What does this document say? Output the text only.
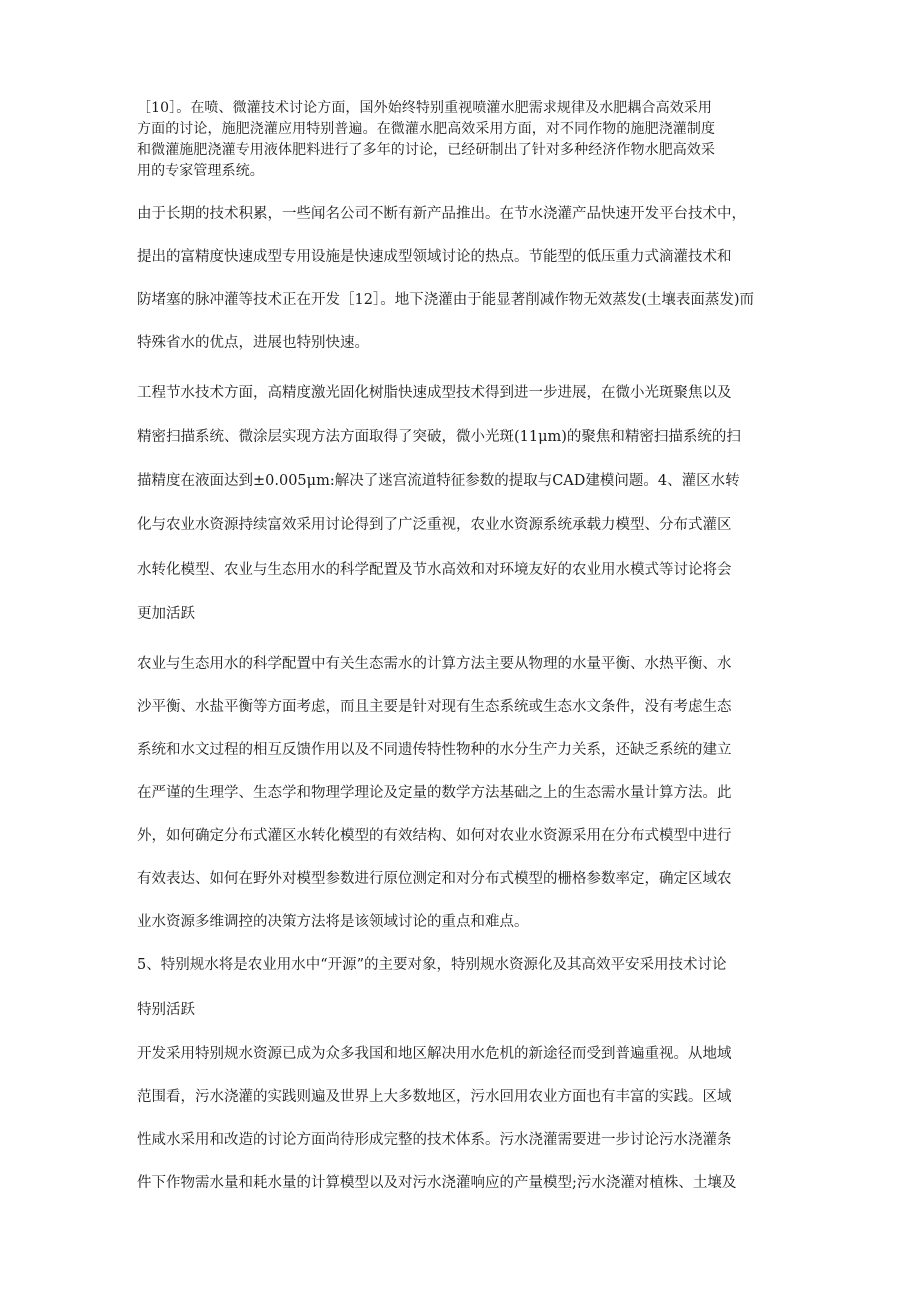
［10］。在喷、微灌技术讨论方面，国外始终特别重视喷灌水肥需求规律及水肥耦合高效采用
方面的讨论，施肥浇灌应用特别普遍。在微灌水肥高效采用方面，对不同作物的施肥浇灌制度
和微灌施肥浇灌专用液体肥料进行了多年的讨论，已经研制出了针对多种经济作物水肥高效采
用的专家管理系统。
由于长期的技术积累，一些闻名公司不断有新产品推出。在节水浇灌产品快速开发平台技术中，
提出的富精度快速成型专用设施是快速成型领域讨论的热点。节能型的低压重力式滴灌技术和
防堵塞的脉冲灌等技术正在开发［12］。地下浇灌由于能显著削减作物无效蒸发(土壤表面蒸发)而
特殊省水的优点，进展也特别快速。
工程节水技术方面，高精度激光固化树脂快速成型技术得到进一步进展，在微小光斑聚焦以及
精密扫描系统、微涂层实现方法方面取得了突破，微小光斑(11μm)的聚焦和精密扫描系统的扫
描精度在液面达到±0.005μm:解决了迷宫流道特征参数的提取与CAD建模问题。4、灌区水转
化与农业水资源持续富效采用讨论得到了广泛重视，农业水资源系统承载力模型、分布式灌区
水转化模型、农业与生态用水的科学配置及节水高效和对环境友好的农业用水模式等讨论将会
更加活跃
农业与生态用水的科学配置中有关生态需水的计算方法主要从物理的水量平衡、水热平衡、水
沙平衡、水盐平衡等方面考虑，而且主要是针对现有生态系统或生态水文条件，没有考虑生态
系统和水文过程的相互反馈作用以及不同遗传特性物种的水分生产力关系，还缺乏系统的建立
在严谨的生理学、生态学和物理学理论及定量的数学方法基础之上的生态需水量计算方法。此
外，如何确定分布式灌区水转化模型的有效结构、如何对农业水资源采用在分布式模型中进行
有效表达、如何在野外对模型参数进行原位测定和对分布式模型的栅格参数率定，确定区域农
业水资源多维调控的决策方法将是该领域讨论的重点和难点。
5、特别规水将是农业用水中“开源”的主要对象，特别规水资源化及其高效平安采用技术讨论
特别活跃
开发采用特别规水资源已成为众多我国和地区解决用水危机的新途径而受到普遍重视。从地域
范围看，污水浇灌的实践则遍及世界上大多数地区，污水回用农业方面也有丰富的实践。区域
性咸水采用和改造的讨论方面尚待形成完整的技术体系。污水浇灌需要进一步讨论污水浇灌条
件下作物需水量和耗水量的计算模型以及对污水浇灌响应的产量模型;污水浇灌对植株、土壤及
